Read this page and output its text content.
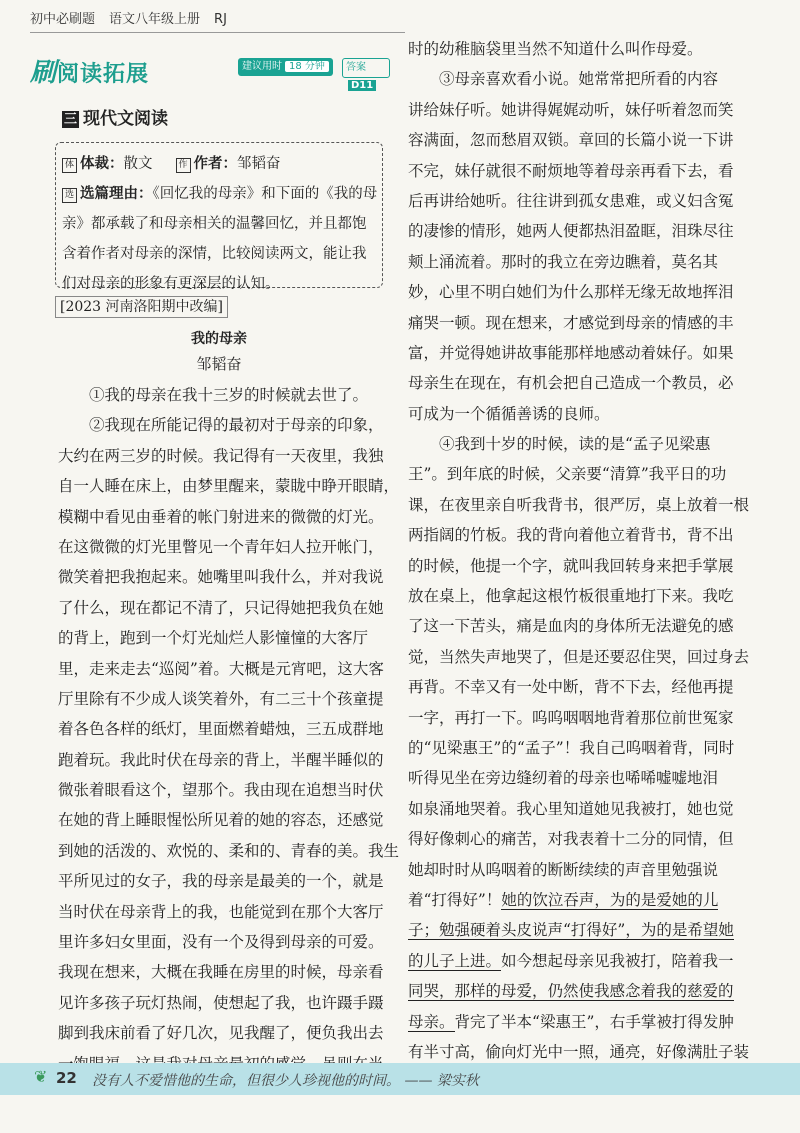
初中必刷题 语文八年级上册 RJ
刷阅读拓展	建议用时 18 分钟	答案D11
三 现代文阅读
体 体裁：散文	作 作者：邹韬奋
选 选篇理由：《回忆我的母亲》和下面的《我的母
亲》都承载了和母亲相关的温馨回忆，并且都饱
含着作者对母亲的深情，比较阅读两文，能让我
们对母亲的形象有更深层的认知。
[2023 河南洛阳期中改编]
我的母亲
邹韬奋
①我的母亲在我十三岁的时候就去世了。
②我现在所能记得的最初对于母亲的印象，
大约在两三岁的时候。我记得有一天夜里，我独
自一人睡在床上，由梦里醒来，蒙眬中睁开眼睛，
模糊中看见由垂着的帐门射进来的微微的灯光。
在这微微的灯光里瞥见一个青年妇人拉开帐门，
微笑着把我抱起来。她嘴里叫我什么，并对我说
了什么，现在都记不清了，只记得她把我负在她
的背上，跑到一个灯光灿烂人影憧憧的大客厅
里，走来走去“巡阅”着。大概是元宵吧，这大客
厅里除有不少成人谈笑着外，有二三十个孩童提
着各色各样的纸灯，里面燃着蜡烛，三五成群地
跑着玩。我此时伏在母亲的背上，半醒半睡似的
微张着眼看这个，望那个。我由现在追想当时伏
在她的背上睡眼惺忪所见着的她的容态，还感觉
到她的活泼的、欢悦的、柔和的、青春的美。我生
平所见过的女子，我的母亲是最美的一个，就是
当时伏在母亲背上的我，也能觉到在那个大客厅
里许多妇女里面，没有一个及得到母亲的可爱。
我现在想来，大概在我睡在房里的时候，母亲看
见许多孩子玩灯热闹，使想起了我，也许蹑手蹑
脚到我床前看了好几次，见我醒了，便负我出去
时的幼稚脑袋里当然不知道什么叫作母爱。
③母亲喜欢看小说。她常常把所看的内容
讲给妹仔听。她讲得娓娓动听，妹仔听着忽而笑
容满面，忽而愁眉双锁。章回的长篇小说一下讲
不完，妹仔就很不耐烦地等着母亲再看下去，看
后再讲给她听。往往讲到孤女患难，或义妇含冤
的凄惨的情形，她两人便都热泪盈眶，泪珠尽往
颊上涌流着。那时的我立在旁边瞧着，莫名其
妙，心里不明白她们为什么那样无缘无故地挥泪
痛哭一顿。现在想来，才感觉到母亲的情感的丰
富，并觉得她讲故事能那样地感动着妹仔。如果
母亲生在现在，有机会把自己造成一个教员，必
可成为一个循循善诱的良师。
④我到十岁的时候，读的是“孟子见梁惠
王”。到年底的时候，父亲要“清算”我平日的功
课，在夜里亲自听我背书，很严厉，桌上放着一根
两指阔的竹板。我的背向着他立着背书，背不出
的时候，他提一个字，就叫我回转身来把手掌展
放在桌上，他拿起这根竹板很重地打下来。我吃
了这一下苦头，痛是血肉的身体所无法避免的感
觉，当然失声地哭了，但是还要忍住哭，回过身去
再背。不幸又有一处中断，背不下去，经他再提
一字，再打一下。呜呜咽咽地背着那位前世冤家
的“见梁惠王”的“孟子”！我自己呜咽着背，同时
听得见坐在旁边缝纫着的母亲也唏唏嘘嘘地泪
如泉涌地哭着。我心里知道她见我被打，她也觉
得好像刺心的痛苦，对我表着十二分的同情，但
她却时时从呜咽着的断断续续的声音里勉强说
着“打得好”！她的饮泣吞声，为的是爱她的儿
子；勉强硬着头皮说声“打得好”，为的是希望她
的儿子上进。如今想起母亲见我被打，陪着我一
同哭，那样的母爱，仍然使我感念着我的慈爱的
母亲。背完了半本“梁惠王”，右手掌被打得发肿
有半寸高，偷向灯光中一照，通亮，好像满肚子装
❦ 22 没有人不爱惜他的生命，但很少人珍视他的时间。 —— 梁实秋
